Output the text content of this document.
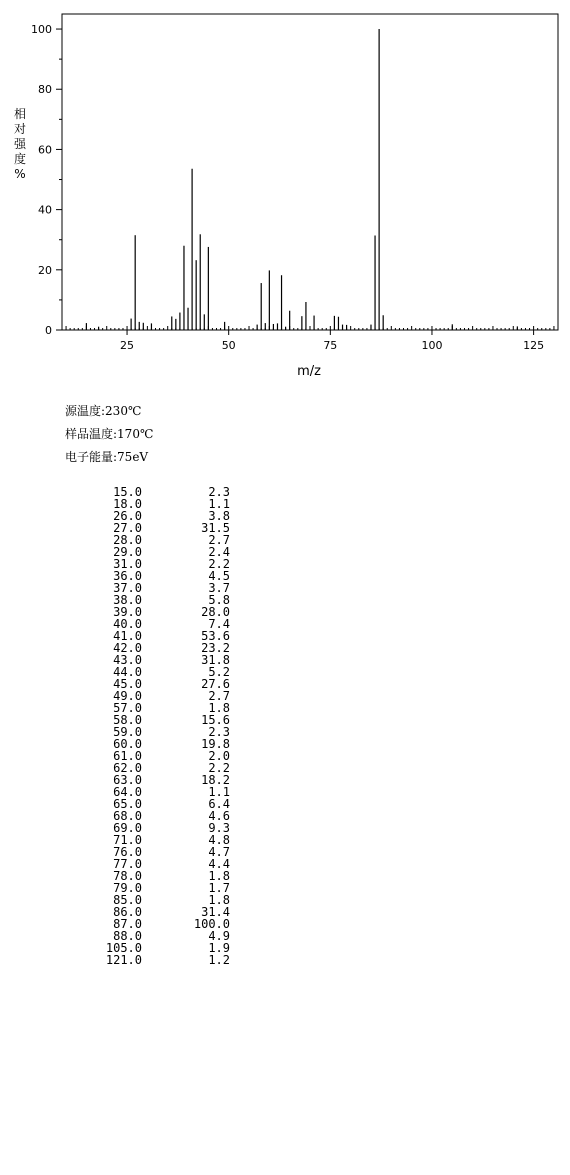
0
20
40
60
80
100
25	50	75	100	125
m/z
相
对
强
度
%
源温度:230℃
样品温度:170℃
电子能量:75eV
15.0	2.3
18.0	1.1
26.0	3.8
27.0	31.5
28.0	2.7
29.0	2.4
31.0	2.2
36.0	4.5
37.0	3.7
38.0	5.8
39.0	28.0
40.0	7.4
41.0	53.6
42.0	23.2
43.0	31.8
44.0	5.2
45.0	27.6
49.0	2.7
57.0	1.8
58.0	15.6
59.0	2.3
60.0	19.8
61.0	2.0
62.0	2.2
63.0	18.2
64.0	1.1
65.0	6.4
68.0	4.6
69.0	9.3
71.0	4.8
76.0	4.7
77.0	4.4
78.0	1.8
79.0	1.7
85.0	1.8
86.0	31.4
87.0	100.0
88.0	4.9
105.0	1.9
121.0	1.2
